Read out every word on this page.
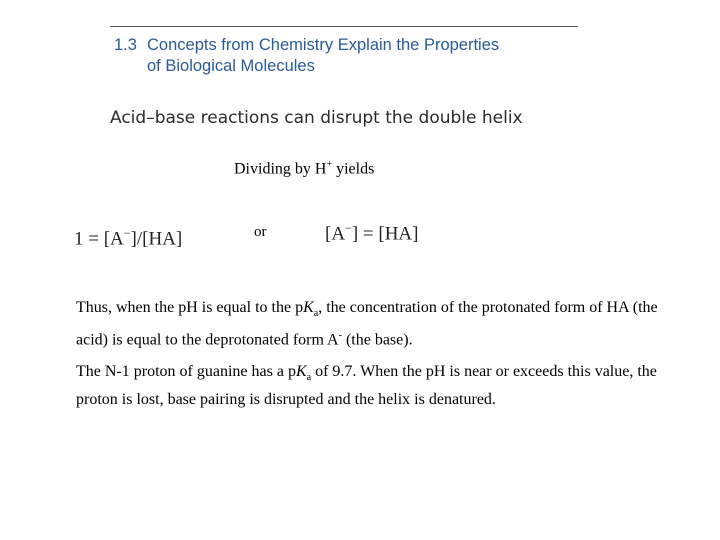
1.3 Concepts from Chemistry Explain the Properties
of Biological Molecules
Acid–base reactions can disrupt the double helix
Dividing by H+ yields
1 = [A−]/[HA]	or	[A−] = [HA]

Thus, when the pH is equal to the $pK_a$, the concentration of the protonated form of HA (the acid) is equal to the deprotonated form A- (the base).

The N-1 proton of guanine has a $pK_a$ of 9.7. When the pH is near or exceeds this value, the proton is lost, base pairing is disrupted and the helix is denatured.
